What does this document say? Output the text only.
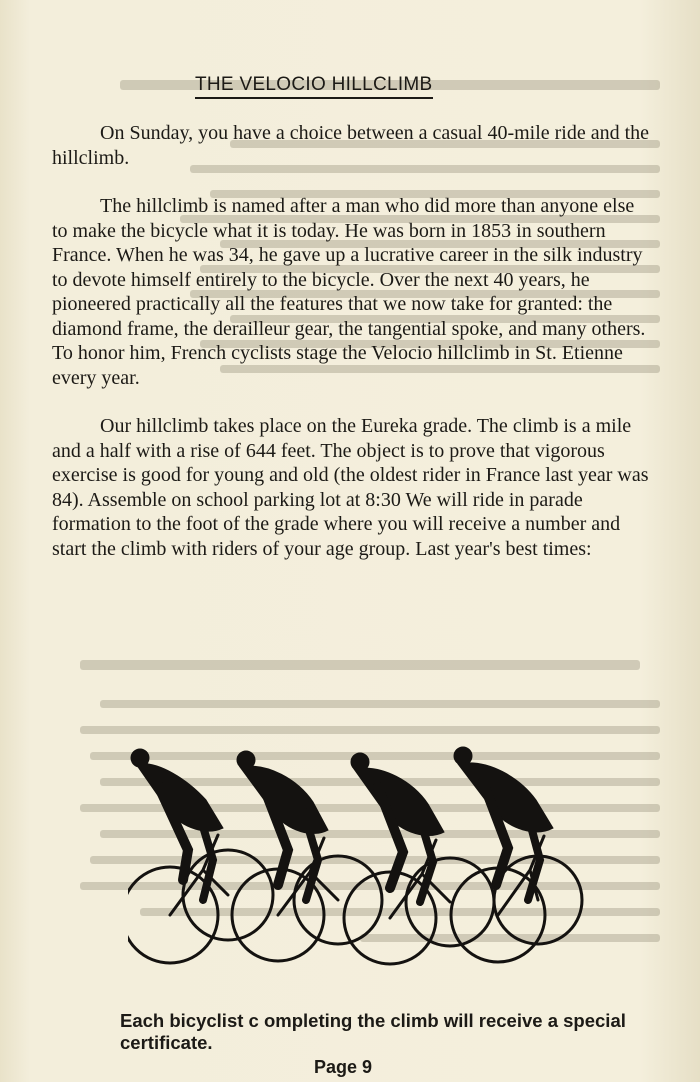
THE VELOCIO HILLCLIMB

On Sunday, you have a choice between a casual 40-mile ride and the hillclimb.

The hillclimb is named after a man who did more than anyone else to make the bicycle what it is today. He was born in 1853 in southern France. When he was 34, he gave up a lucrative career in the silk industry to devote himself entirely to the bicycle. Over the next 40 years, he pioneered practically all the features that we now take for granted: the diamond frame, the derailleur gear, the tangential spoke, and many others. To honor him, French cyclists stage the Velocio hillclimb in St. Etienne every year.

Our hillclimb takes place on the Eureka grade. The climb is a mile and a half with a rise of 644 feet. The object is to prove that vigorous exercise is good for young and old (the oldest rider in France last year was 84). Assemble on school parking lot at 8:30 We will ride in parade formation to the foot of the grade where you will receive a number and start the climb with riders of your age group. Last year's best times:

Each bicyclist c ompleting the climb will receive a special certificate.
Page 9
